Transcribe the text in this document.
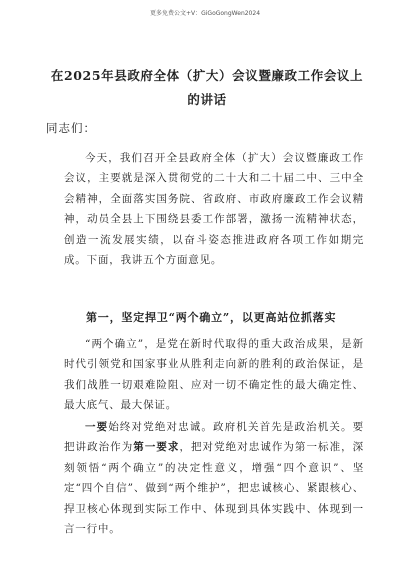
更多免费公文+V：GiGoGongWen2024
在2025年县政府全体（扩大）会议暨廉政工作会议上的讲话
同志们：
今天，我们召开全县政府全体（扩大）会议暨廉政工作会议，主要就是深入贯彻党的二十大和二十届二中、三中全会精神，全面落实国务院、省政府、市政府廉政工作会议精神，动员全县上下围绕县委工作部署，激扬一流精神状态，创造一流发展实绩，以奋斗姿态推进政府各项工作如期完成。下面，我讲五个方面意见。
第一，坚定捍卫“两个确立”，以更高站位抓落实
“两个确立”，是党在新时代取得的重大政治成果，是新时代引领党和国家事业从胜利走向新的胜利的政治保证，是我们战胜一切艰难险阻、应对一切不确定性的最大确定性、最大底气、最大保证。
一要始终对党绝对忠诚。政府机关首先是政治机关。要把讲政治作为第一要求，把对党绝对忠诚作为第一标准，深刻领悟“两个确立”的决定性意义，增强“四个意识”、坚定“四个自信”、做到“两个维护”，把忠诚核心、紧跟核心、捍卫核心体现到实际工作中、体现到具体实践中、体现到一言一行中。
